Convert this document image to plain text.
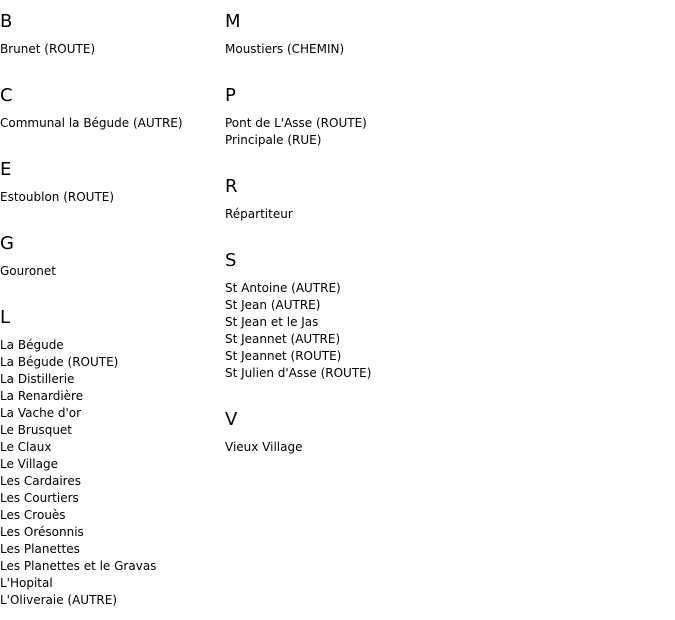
B
Brunet (ROUTE)
C
Communal la Bégude (AUTRE)
E
Estoublon (ROUTE)
G
Gouronet
L
La Bégude
La Bégude (ROUTE)
La Distillerie
La Renardière
La Vache d'or
Le Brusquet
Le Claux
Le Village
Les Cardaires
Les Courtiers
Les Crouès
Les Orésonnis
Les Planettes
Les Planettes et le Gravas
L'Hopital
L'Oliveraie (AUTRE)
M
Moustiers (CHEMIN)
P
Pont de L'Asse (ROUTE)
Principale (RUE)
R
Répartiteur
S
St Antoine (AUTRE)
St Jean (AUTRE)
St Jean et le Jas
St Jeannet (AUTRE)
St Jeannet (ROUTE)
St Julien d'Asse (ROUTE)
V
Vieux Village
